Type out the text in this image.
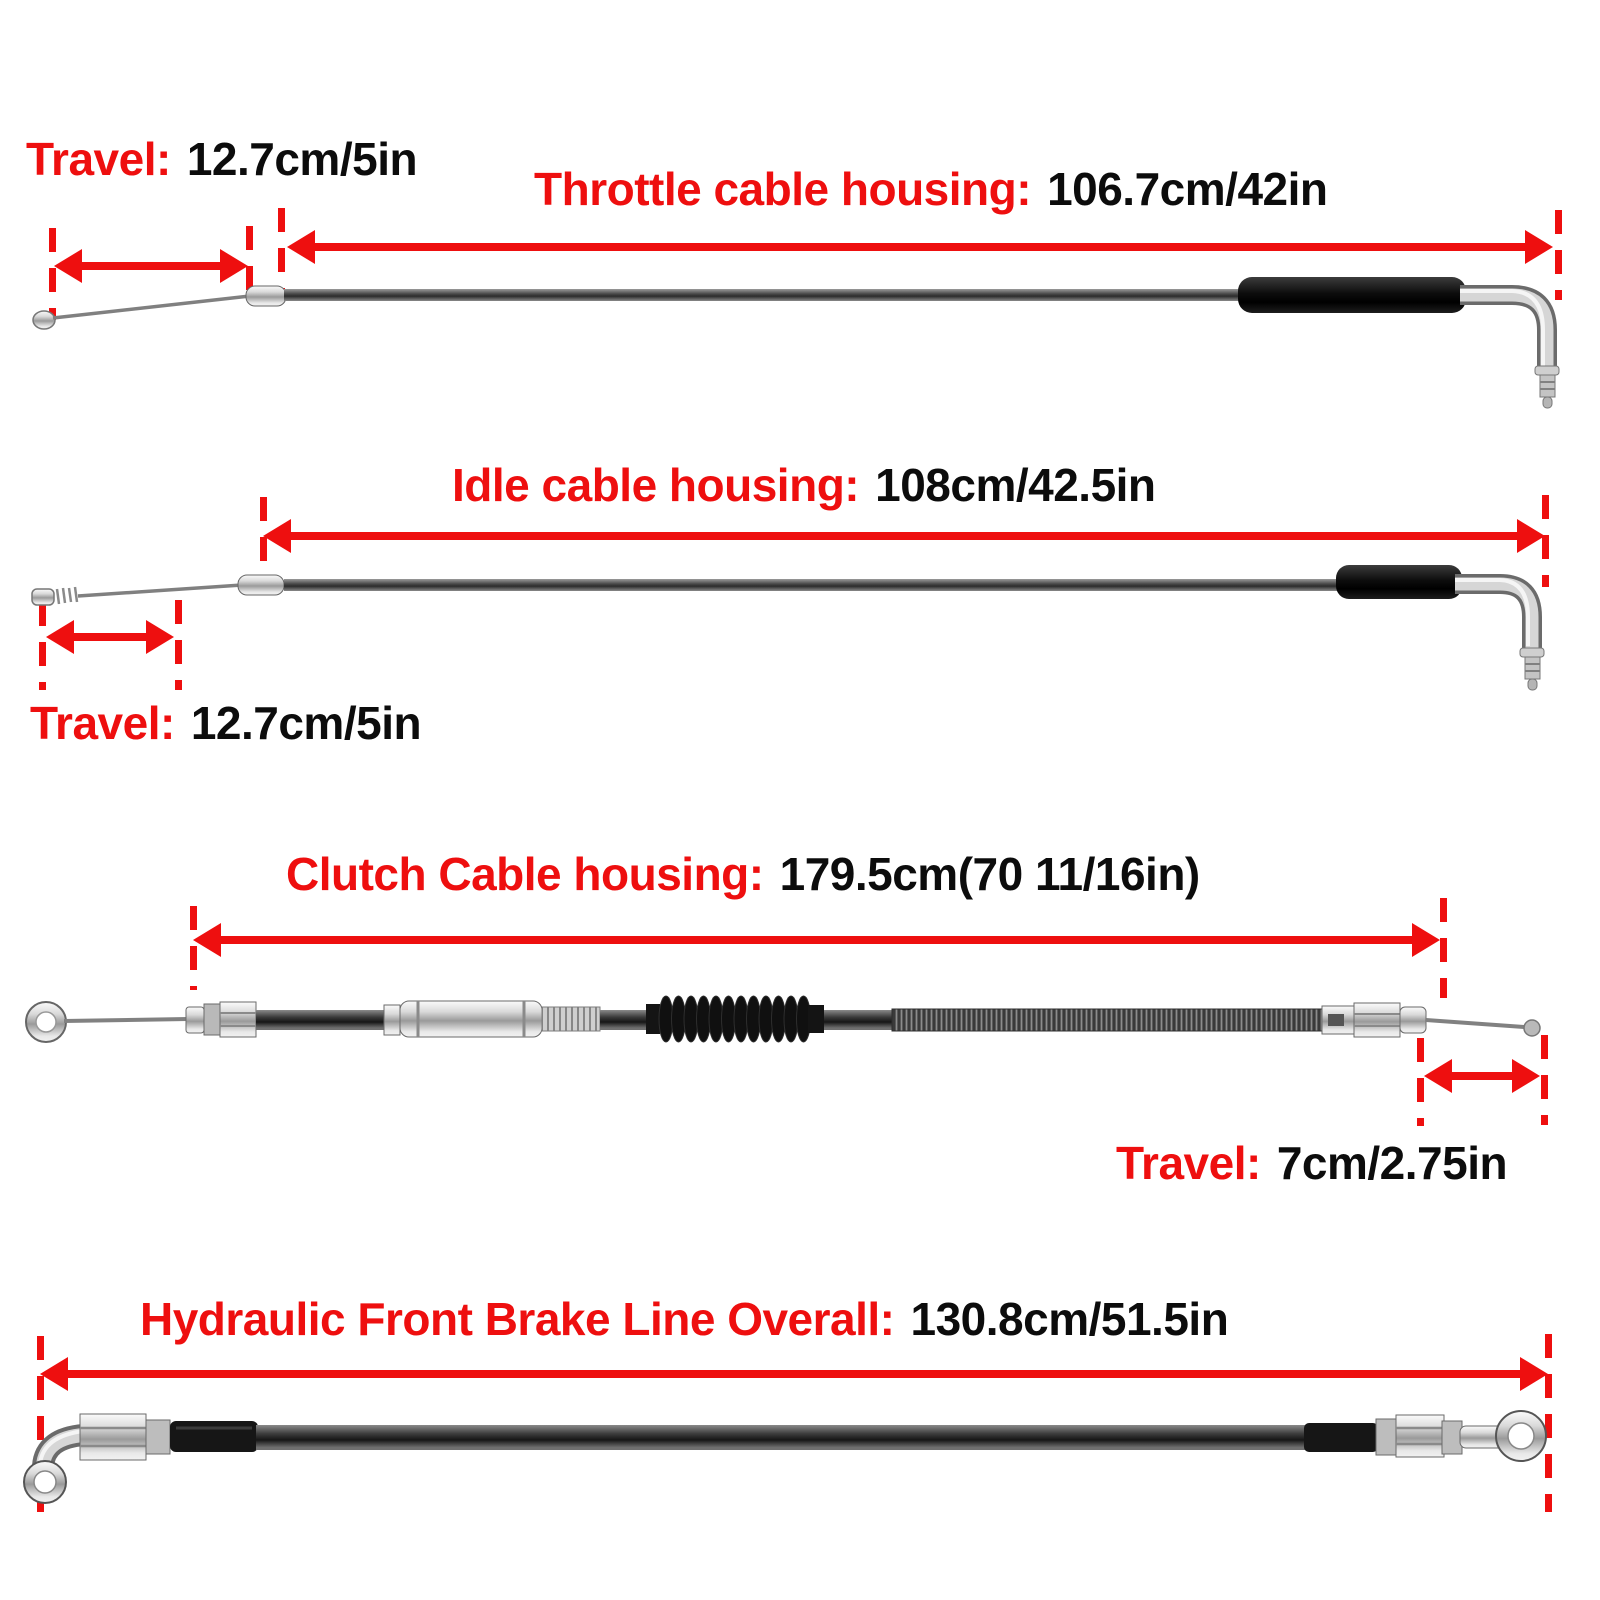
Travel: 12.7cm/5in
Throttle cable housing: 106.7cm/42in
Idle cable housing: 108cm/42.5in
Travel: 12.7cm/5in
Clutch Cable housing: 179.5cm(70 11/16in)
Travel: 7cm/2.75in
Hydraulic Front Brake Line Overall: 130.8cm/51.5in
